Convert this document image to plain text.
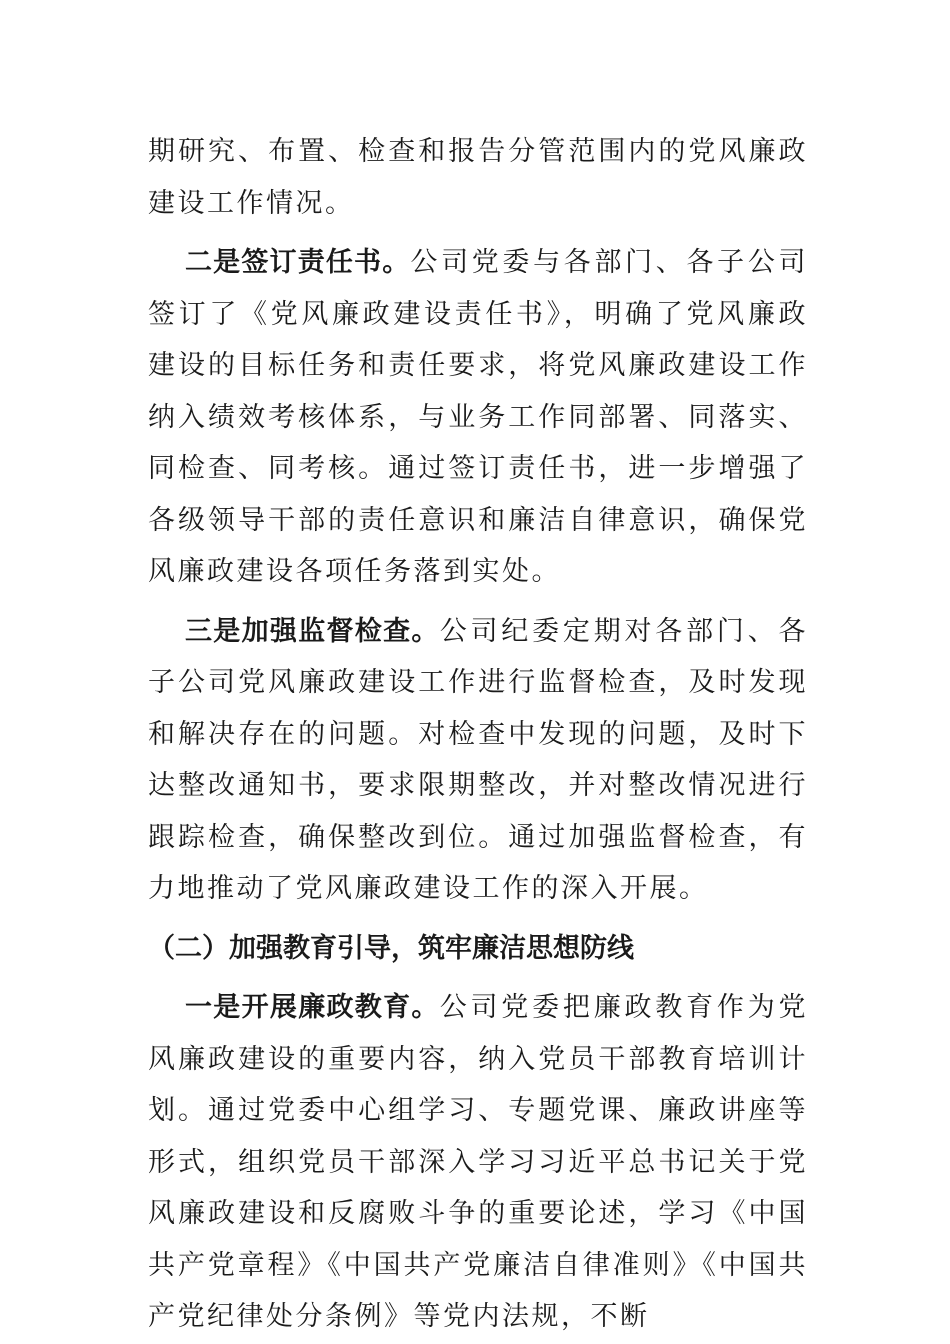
期研究、布置、检查和报告分管范围内的党风廉政建设工作情况。

二是签订责任书。公司党委与各部门、各子公司签订了《党风廉政建设责任书》，明确了党风廉政建设的目标任务和责任要求，将党风廉政建设工作纳入绩效考核体系，与业务工作同部署、同落实、同检查、同考核。通过签订责任书，进一步增强了各级领导干部的责任意识和廉洁自律意识，确保党风廉政建设各项任务落到实处。

三是加强监督检查。公司纪委定期对各部门、各子公司党风廉政建设工作进行监督检查，及时发现和解决存在的问题。对检查中发现的问题，及时下达整改通知书，要求限期整改，并对整改情况进行跟踪检查，确保整改到位。通过加强监督检查，有力地推动了党风廉政建设工作的深入开展。

（二）加强教育引导，筑牢廉洁思想防线

一是开展廉政教育。公司党委把廉政教育作为党风廉政建设的重要内容，纳入党员干部教育培训计划。通过党委中心组学习、专题党课、廉政讲座等形式，组织党员干部深入学习习近平总书记关于党风廉政建设和反腐败斗争的重要论述，学习《中国共产党章程》《中国共产党廉洁自律准则》《中国共产党纪律处分条例》等党内法规，不断
